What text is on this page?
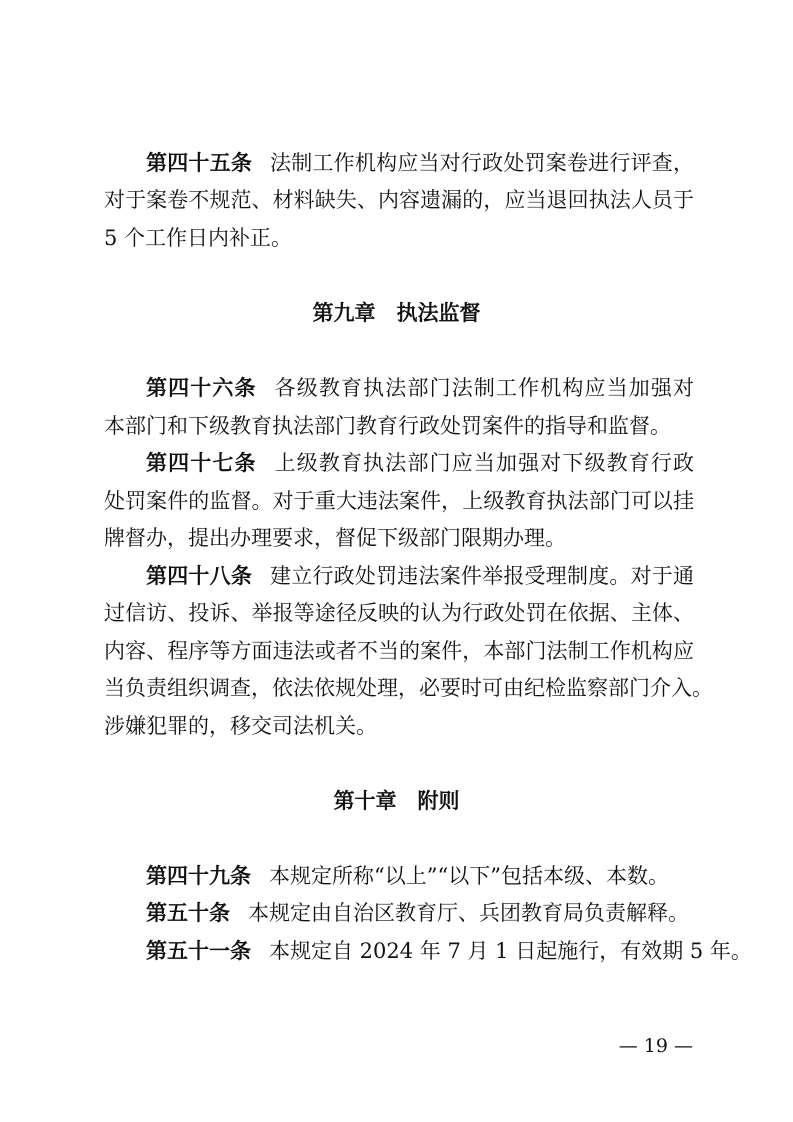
第四十五条 法制工作机构应当对行政处罚案卷进行评查，
对于案卷不规范、材料缺失、内容遗漏的，应当退回执法人员于
5 个工作日内补正。
第九章　执法监督
第四十六条 各级教育执法部门法制工作机构应当加强对
本部门和下级教育执法部门教育行政处罚案件的指导和监督。
第四十七条 上级教育执法部门应当加强对下级教育行政
处罚案件的监督。对于重大违法案件，上级教育执法部门可以挂
牌督办，提出办理要求，督促下级部门限期办理。
第四十八条 建立行政处罚违法案件举报受理制度。对于通
过信访、投诉、举报等途径反映的认为行政处罚在依据、主体、
内容、程序等方面违法或者不当的案件，本部门法制工作机构应
当负责组织调查，依法依规处理，必要时可由纪检监察部门介入。
涉嫌犯罪的，移交司法机关。
第十章　附则
第四十九条 本规定所称“以上”“以下”包括本级、本数。
第五十条 本规定由自治区教育厅、兵团教育局负责解释。
第五十一条 本规定自 2024 年 7 月 1 日起施行，有效期 5 年。
— 19 —
